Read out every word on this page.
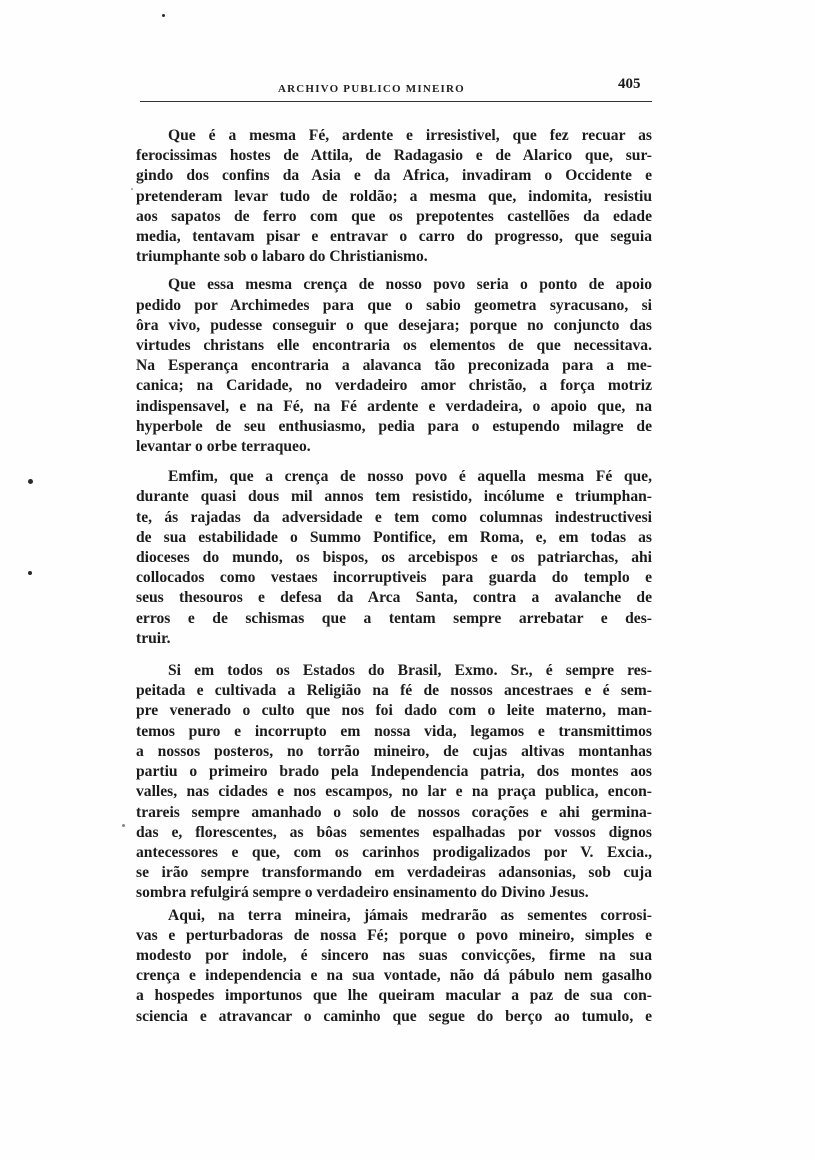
ARCHIVO PUBLICO MINEIRO	405

Que é a mesma Fé, ardente e irresistivel, que fez recuar as
ferocissimas hostes de Attila, de Radagasio e de Alarico que, sur-
gindo dos confins da Asia e da Africa, invadiram o Occidente e
pretenderam levar tudo de roldão; a mesma que, indomita, resistiu
aos sapatos de ferro com que os prepotentes castellões da edade
media, tentavam pisar e entravar o carro do progresso, que seguia
triumphante sob o labaro do Christianismo.

Que essa mesma crença de nosso povo seria o ponto de apoio
pedido por Archimedes para que o sabio geometra syracusano, si
ôra vivo, pudesse conseguir o que desejara; porque no conjuncto das
virtudes christans elle encontraria os elementos de que necessitava.
Na Esperança encontraria a alavanca tão preconizada para a me-
canica; na Caridade, no verdadeiro amor christão, a força motriz
indispensavel, e na Fé, na Fé ardente e verdadeira, o apoio que, na
hyperbole de seu enthusiasmo, pedia para o estupendo milagre de
levantar o orbe terraqueo.

Emfim, que a crença de nosso povo é aquella mesma Fé que,
durante quasi dous mil annos tem resistido, incólume e triumphan-
te, ás rajadas da adversidade e tem como columnas indestructivesi
de sua estabilidade o Summo Pontifice, em Roma, e, em todas as
dioceses do mundo, os bispos, os arcebispos e os patriarchas, ahi
collocados como vestaes incorruptiveis para guarda do templo e
seus thesouros e defesa da Arca Santa, contra a avalanche de
erros e de schismas que a tentam sempre arrebatar e des-
truir.

Si em todos os Estados do Brasil, Exmo. Sr., é sempre res-
peitada e cultivada a Religião na fé de nossos ancestraes e é sem-
pre venerado o culto que nos foi dado com o leite materno, man-
temos puro e incorrupto em nossa vida, legamos e transmittimos
a nossos posteros, no torrão mineiro, de cujas altivas montanhas
partiu o primeiro brado pela Independencia patria, dos montes aos
valles, nas cidades e nos escampos, no lar e na praça publica, encon-
trareis sempre amanhado o solo de nossos corações e ahi germina-
das e, florescentes, as bôas sementes espalhadas por vossos dignos
antecessores e que, com os carinhos prodigalizados por V. Excia.,
se irão sempre transformando em verdadeiras adansonias, sob cuja
sombra refulgirá sempre o verdadeiro ensinamento do Divino Jesus.

Aqui, na terra mineira, jámais medrarão as sementes corrosi-
vas e perturbadoras de nossa Fé; porque o povo mineiro, simples e
modesto por indole, é sincero nas suas convicções, firme na sua
crença e independencia e na sua vontade, não dá pábulo nem gasalho
a hospedes importunos que lhe queiram macular a paz de sua con-
sciencia e atravancar o caminho que segue do berço ao tumulo, e
